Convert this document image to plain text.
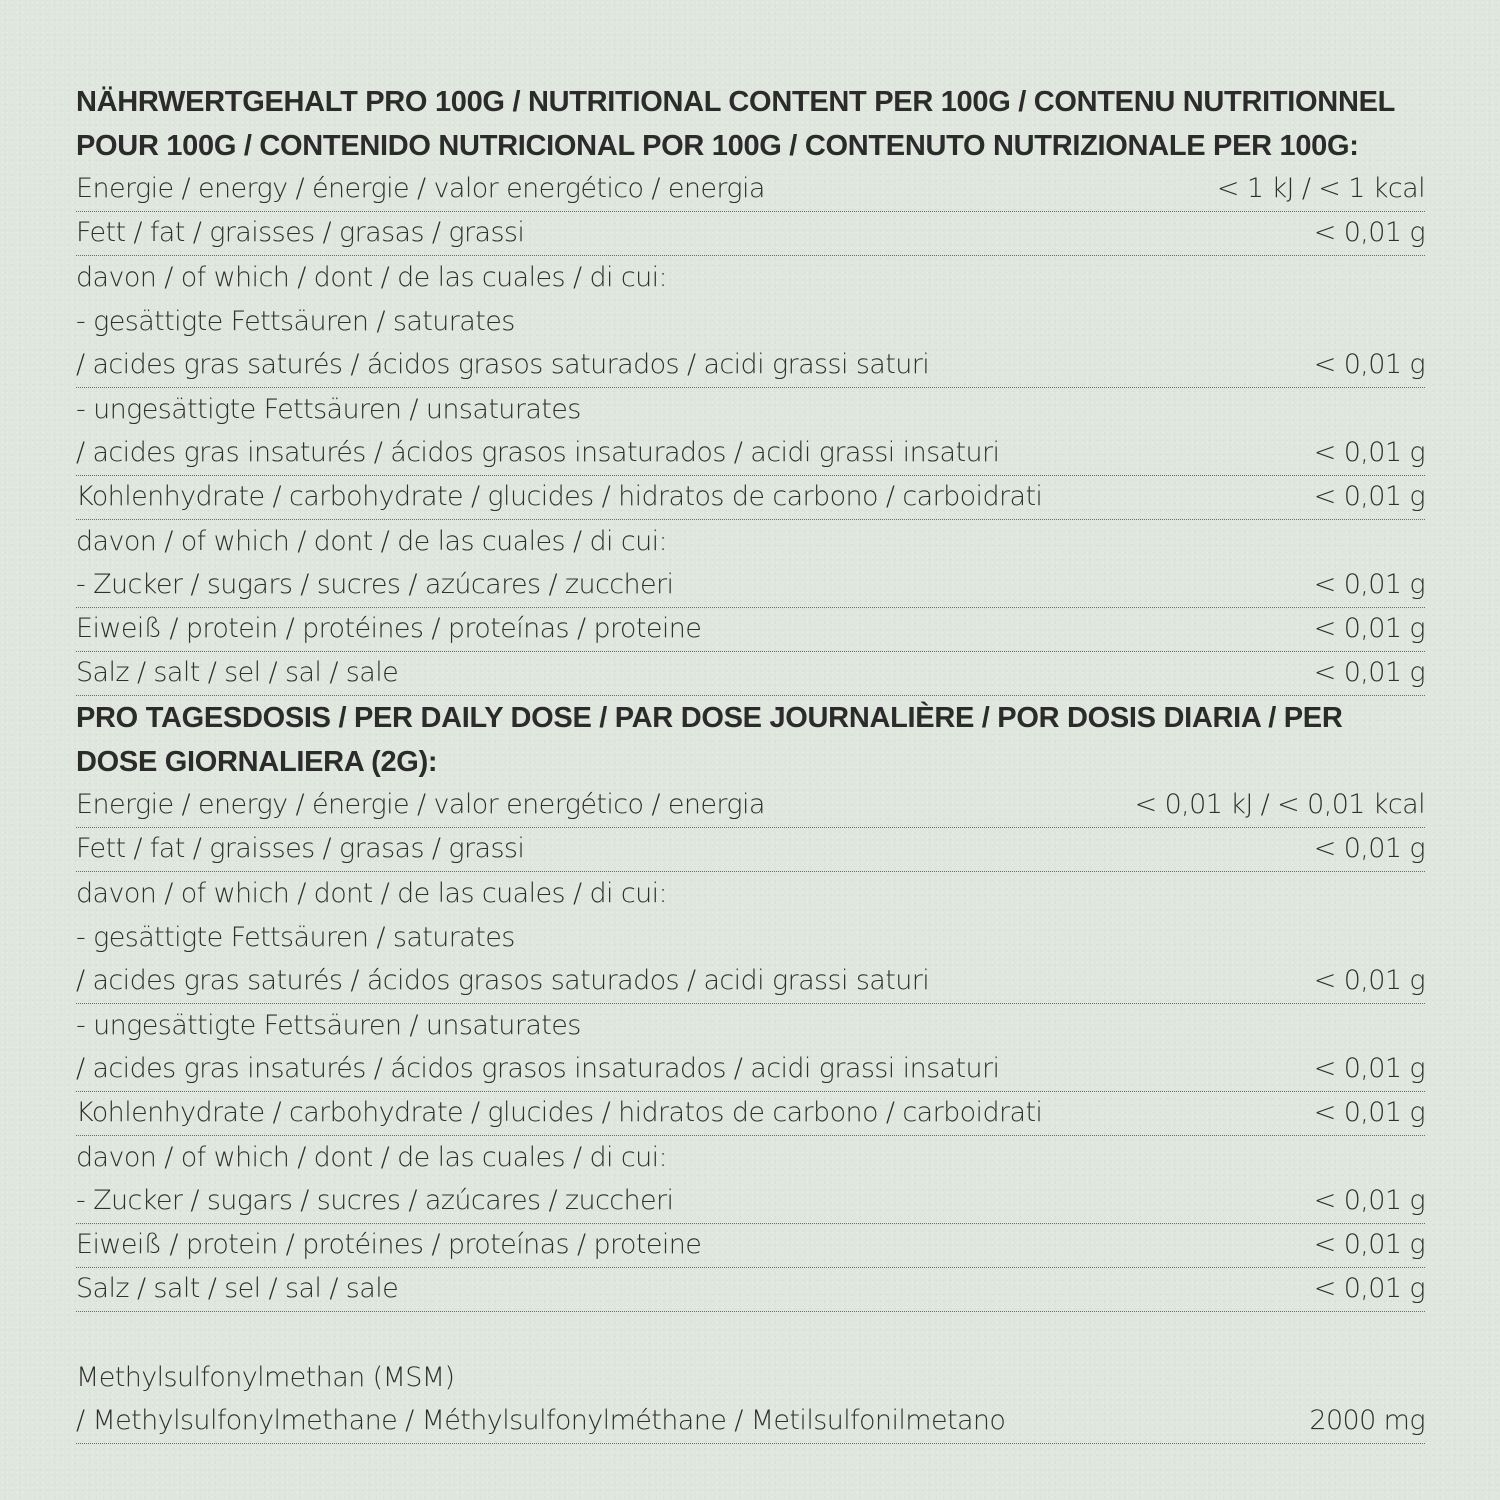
NÄHRWERTGEHALT PRO 100G / NUTRITIONAL CONTENT PER 100G / CONTENU NUTRITIONNEL POUR 100G / CONTENIDO NUTRICIONAL POR 100G / CONTENUTO NUTRIZIONALE PER 100G:

Energie / energy / énergie / valor energético / energia	< 1 kJ / < 1 kcal
Fett / fat / graisses / grasas / grassi	< 0,01 g
davon / of which / dont / de las cuales / di cui:
- gesättigte Fettsäuren / saturates
/ acides gras saturés / ácidos grasos saturados / acidi grassi saturi	< 0,01 g
- ungesättigte Fettsäuren / unsaturates
/ acides gras insaturés / ácidos grasos insaturados / acidi grassi insaturi	< 0,01 g
Kohlenhydrate / carbohydrate / glucides / hidratos de carbono / carboidrati	< 0,01 g
davon / of which / dont / de las cuales / di cui:
- Zucker / sugars / sucres / azúcares / zuccheri	< 0,01 g
Eiweiß / protein / protéines / proteínas / proteine	< 0,01 g
Salz / salt / sel / sal / sale	< 0,01 g

PRO TAGESDOSIS / PER DAILY DOSE / PAR DOSE JOURNALIÈRE / POR DOSIS DIARIA / PER DOSE GIORNALIERA (2G):

Energie / energy / énergie / valor energético / energia	< 0,01 kJ / < 0,01 kcal
Fett / fat / graisses / grasas / grassi	< 0,01 g
davon / of which / dont / de las cuales / di cui:
- gesättigte Fettsäuren / saturates
/ acides gras saturés / ácidos grasos saturados / acidi grassi saturi	< 0,01 g
- ungesättigte Fettsäuren / unsaturates
/ acides gras insaturés / ácidos grasos insaturados / acidi grassi insaturi	< 0,01 g
Kohlenhydrate / carbohydrate / glucides / hidratos de carbono / carboidrati	< 0,01 g
davon / of which / dont / de las cuales / di cui:
- Zucker / sugars / sucres / azúcares / zuccheri	< 0,01 g
Eiweiß / protein / protéines / proteínas / proteine	< 0,01 g
Salz / salt / sel / sal / sale	< 0,01 g
Methylsulfonylmethan (MSM)
/ Methylsulfonylmethane / Méthylsulfonylméthane / Metilsulfonilmetano	2000 mg
